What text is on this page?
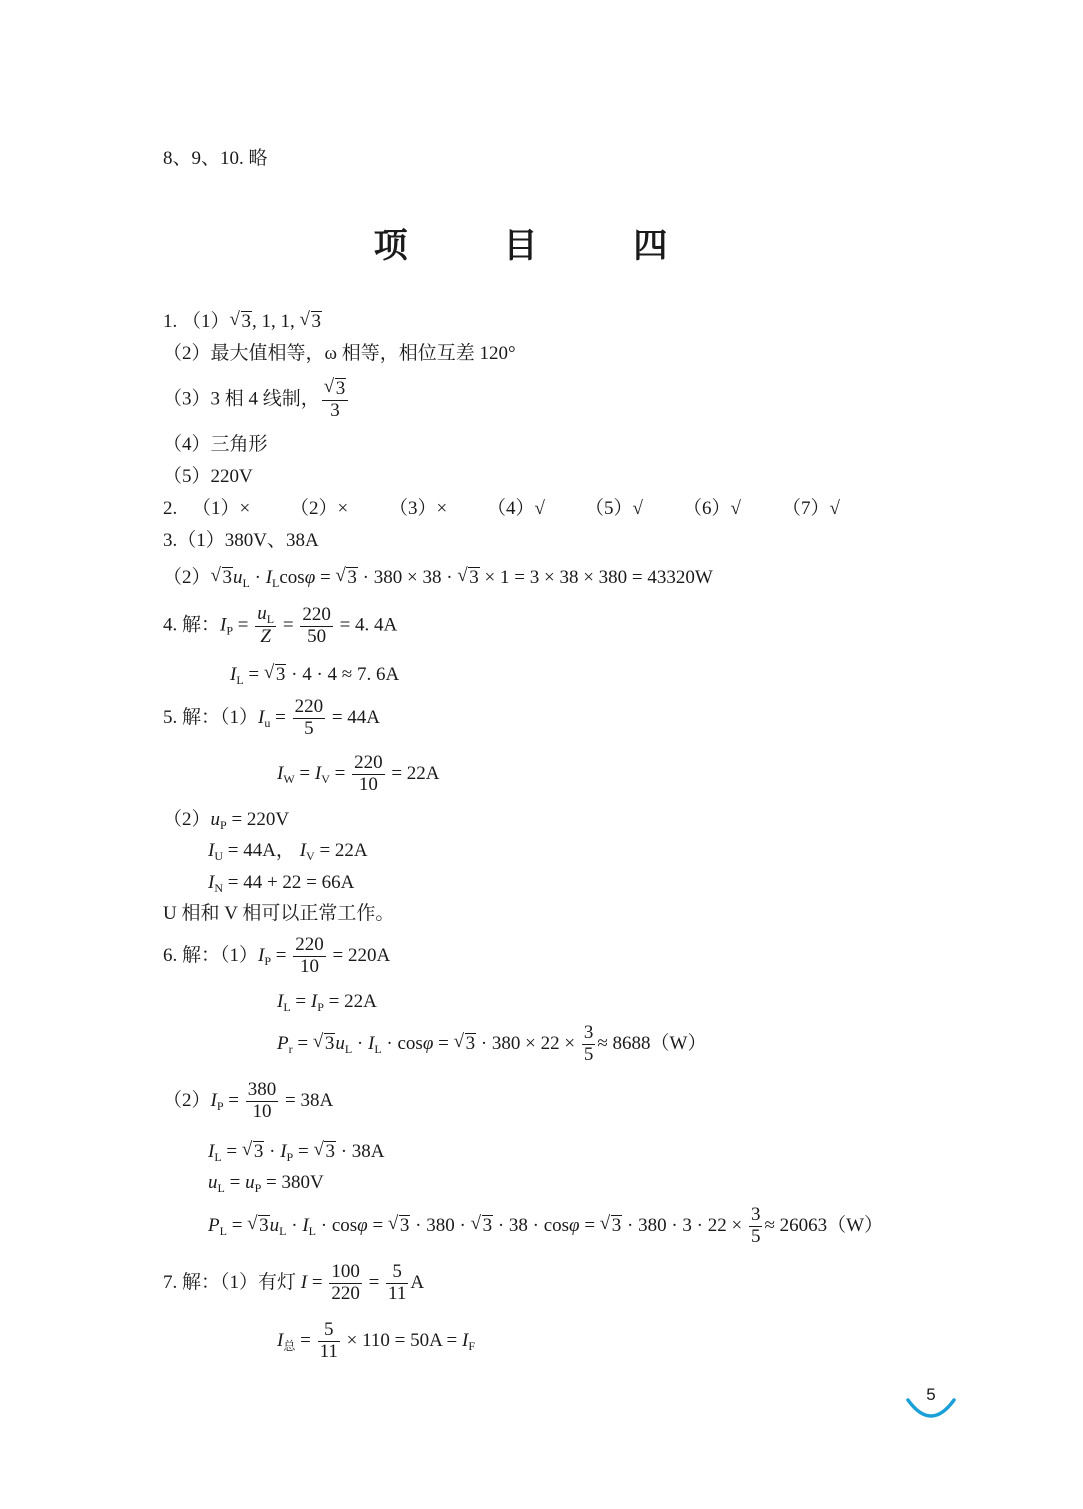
8、9、10. 略
项 目 四
1. （1） √ 3, 1, 1, √ 3
（2）最大值相等，ω 相等，相位互差 120°
（3）3 相 4 线制， √ $\frac{3}{3}$
（4）三角形
（5）220V
2. （1）× （2）× （3）× （4）√ （5）√ （6）√ （7）√
3.（1）380V、38A
（2） √ $3u_L \cdot I_L\cos\varphi$ = √ 3 · 380 × 38 · √ 3 × 1 = 3 × 38 × 380 = 43320W
4. 解：$I_P = \frac{u_L}{Z} = \frac{220}{50} = 4$. 4A
$I_L$ = √ 3 · 4 · 4 ≈ 7. 6A
5. 解：$(1)I_u = \frac{220}{5} = 44A$
$I_W = I_V = \frac{220}{10} = 22A$
$(2)u_P = 220V$
$I_U = 44A$， $I_V = 22A$
$I_N = 44 + 22 = 66A$
U 相和 V 相可以正常工作。
6. 解：$(1)I_P = \frac{220}{10} = 220A$
$I_L = I_P = 22A$
$P_r$ = √ $3u_L \cdot I_L \cdot \cos\varphi$ = √ $3 \cdot 380 \times 22 \times \frac{3}{5} \approx 8688(W)$
$(2)I_P = \frac{380}{10} = 38A$
$I_L$ = √ $3 \cdot I_P$ = √ 3 · 38A
$u_L = u_P = 380V$
$P_L$ = √ $3u_L \cdot I_L \cdot \cos\varphi$ = √ 3 · 380 · √ 3 · 38 · cosφ = √ $3 \cdot 380 \cdot 3 \cdot 22 \times \frac{3}{5} \approx 26063(W)$
7. 解：（1）有灯 $I = \frac{100}{220} = \frac{5}{11}$ A
$I_总 = \frac{5}{11} \times 110 = 50A = I_F$
5
